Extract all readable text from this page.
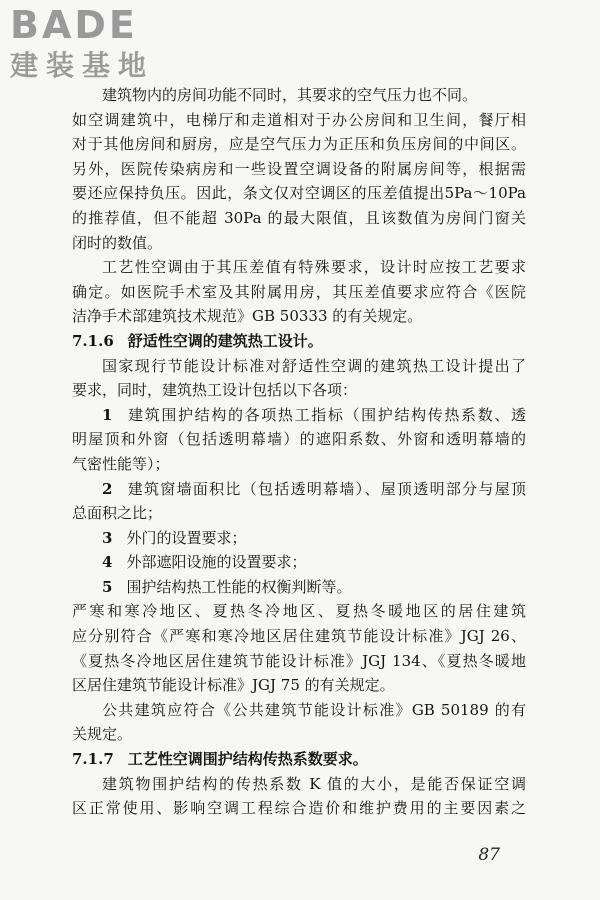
BADE
建装基地
建筑物内的房间功能不同时，其要求的空气压力也不同。
如空调建筑中，电梯厅和走道相对于办公房间和卫生间，餐厅相
对于其他房间和厨房，应是空气压力为正压和负压房间的中间区。
另外，医院传染病房和一些设置空调设备的附属房间等，根据需
要还应保持负压。因此，条文仅对空调区的压差值提出5Pa～10Pa
的推荐值，但不能超 30Pa 的最大限值，且该数值为房间门窗关
闭时的数值。
工艺性空调由于其压差值有特殊要求，设计时应按工艺要求
确定。如医院手术室及其附属用房，其压差值要求应符合《医院
洁净手术部建筑技术规范》GB 50333 的有关规定。
7.1.6 舒适性空调的建筑热工设计。
国家现行节能设计标准对舒适性空调的建筑热工设计提出了
要求，同时，建筑热工设计包括以下各项：
1 建筑围护结构的各项热工指标（围护结构传热系数、透
明屋顶和外窗（包括透明幕墙）的遮阳系数、外窗和透明幕墙的
气密性能等）；
2 建筑窗墙面积比（包括透明幕墙）、屋顶透明部分与屋顶
总面积之比；
3 外门的设置要求；
4 外部遮阳设施的设置要求；
5 围护结构热工性能的权衡判断等。
严寒和寒冷地区、夏热冬冷地区、夏热冬暖地区的居住建筑
应分别符合《严寒和寒冷地区居住建筑节能设计标准》JGJ 26、
《夏热冬冷地区居住建筑节能设计标准》JGJ 134、《夏热冬暖地
区居住建筑节能设计标准》JGJ 75 的有关规定。
公共建筑应符合《公共建筑节能设计标准》GB 50189 的有
关规定。
7.1.7 工艺性空调围护结构传热系数要求。
建筑物围护结构的传热系数 K 值的大小，是能否保证空调
区正常使用、影响空调工程综合造价和维护费用的主要因素之
87
